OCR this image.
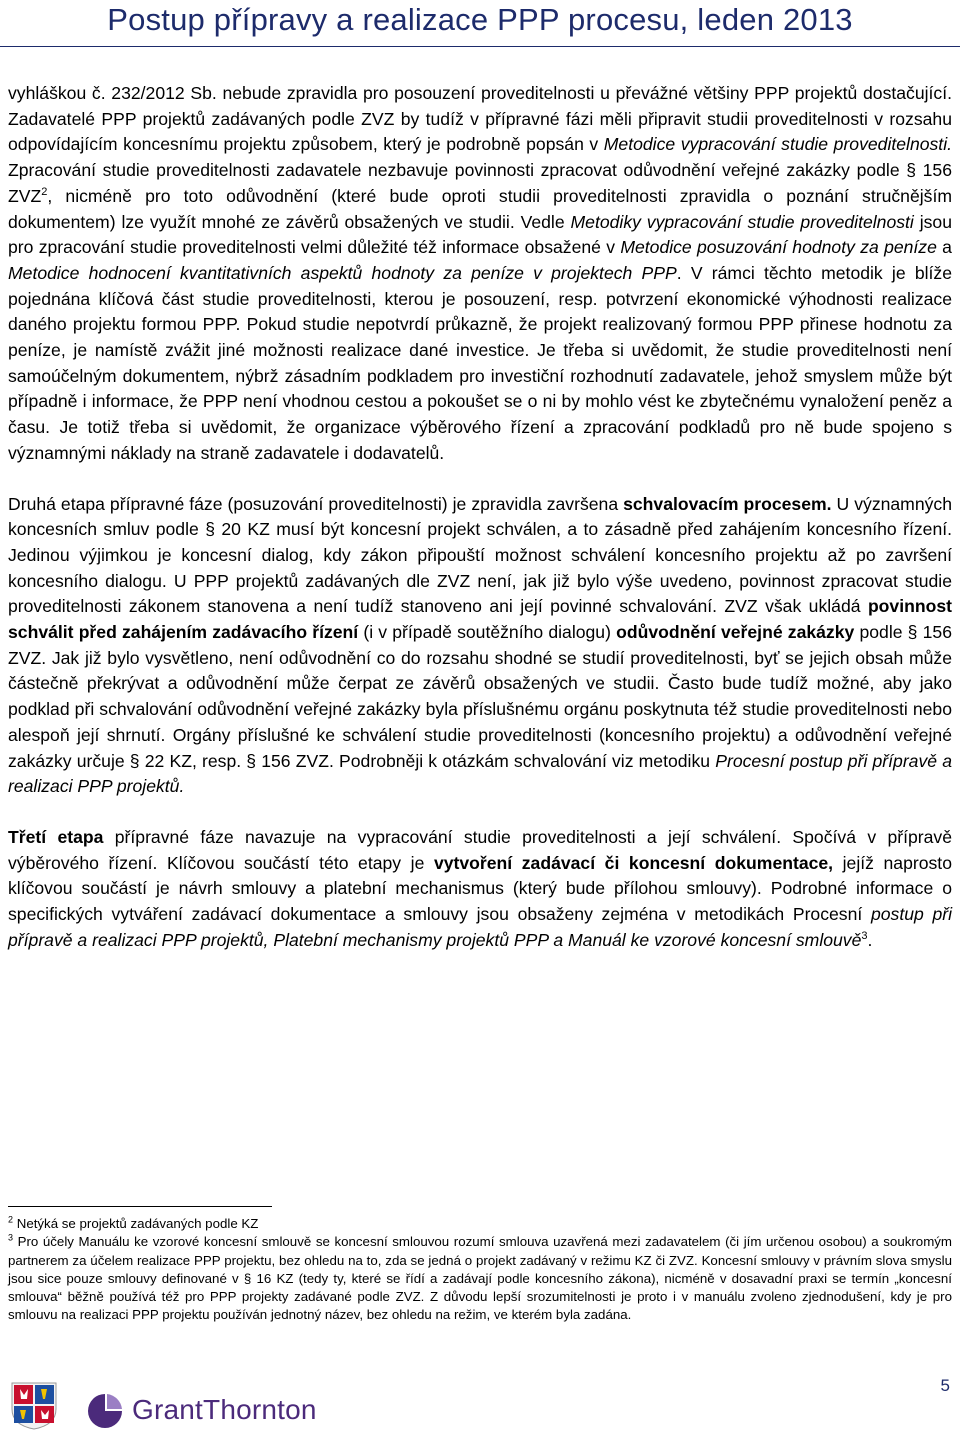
Postup přípravy a realizace PPP procesu, leden 2013

vyhláškou č. 232/2012 Sb. nebude zpravidla pro posouzení proveditelnosti u převážné většiny PPP projektů dostačující. Zadavatelé PPP projektů zadávaných podle ZVZ by tudíž v přípravné fázi měli připravit studii proveditelnosti v rozsahu odpovídajícím koncesnímu projektu způsobem, který je podrobně popsán v Metodice vypracování studie proveditelnosti. Zpracování studie proveditelnosti zadavatele nezbavuje povinnosti zpracovat odůvodnění veřejné zakázky podle § 156 ZVZ$^2$, nicméně pro toto odůvodnění (které bude oproti studii proveditelnosti zpravidla o poznání stručnějším dokumentem) lze využít mnohé ze závěrů obsažených ve studii. Vedle Metodiky vypracování studie proveditelnosti jsou pro zpracování studie proveditelnosti velmi důležité též informace obsažené v Metodice posuzování hodnoty za peníze a Metodice hodnocení kvantitativních aspektů hodnoty za peníze v projektech PPP. V rámci těchto metodik je blíže pojednána klíčová část studie proveditelnosti, kterou je posouzení, resp. potvrzení ekonomické výhodnosti realizace daného projektu formou PPP. Pokud studie nepotvrdí průkazně, že projekt realizovaný formou PPP přinese hodnotu za peníze, je namístě zvážit jiné možnosti realizace dané investice. Je třeba si uvědomit, že studie proveditelnosti není samoúčelným dokumentem, nýbrž zásadním podkladem pro investiční rozhodnutí zadavatele, jehož smyslem může být případně i informace, že PPP není vhodnou cestou a pokoušet se o ni by mohlo vést ke zbytečnému vynaložení peněz a času. Je totiž třeba si uvědomit, že organizace výběrového řízení a zpracování podkladů pro ně bude spojeno s významnými náklady na straně zadavatele i dodavatelů.

Druhá etapa přípravné fáze (posuzování proveditelnosti) je zpravidla završena schvalovacím procesem. U významných koncesních smluv podle § 20 KZ musí být koncesní projekt schválen, a to zásadně před zahájením koncesního řízení. Jedinou výjimkou je koncesní dialog, kdy zákon připouští možnost schválení koncesního projektu až po završení koncesního dialogu. U PPP projektů zadávaných dle ZVZ není, jak již bylo výše uvedeno, povinnost zpracovat studie proveditelnosti zákonem stanovena a není tudíž stanoveno ani její povinné schvalování. ZVZ však ukládá povinnost schválit před zahájením zadávacího řízení (i v případě soutěžního dialogu) odůvodnění veřejné zakázky podle § 156 ZVZ. Jak již bylo vysvětleno, není odůvodnění co do rozsahu shodné se studií proveditelnosti, byť se jejich obsah může částečně překrývat a odůvodnění může čerpat ze závěrů obsažených ve studii. Často bude tudíž možné, aby jako podklad při schvalování odůvodnění veřejné zakázky byla příslušnému orgánu poskytnuta též studie proveditelnosti nebo alespoň její shrnutí. Orgány příslušné ke schválení studie proveditelnosti (koncesního projektu) a odůvodnění veřejné zakázky určuje § 22 KZ, resp. § 156 ZVZ. Podrobněji k otázkám schvalování viz metodiku Procesní postup při přípravě a realizaci PPP projektů.

Třetí etapa přípravné fáze navazuje na vypracování studie proveditelnosti a její schválení. Spočívá v přípravě výběrového řízení. Klíčovou součástí této etapy je vytvoření zadávací či koncesní dokumentace, jejíž naprosto klíčovou součástí je návrh smlouvy a platební mechanismus (který bude přílohou smlouvy). Podrobné informace o specifických vytváření zadávací dokumentace a smlouvy jsou obsaženy zejména v metodikách Procesní postup při přípravě a realizaci PPP projektů, Platební mechanismy projektů PPP a Manuál ke vzorové koncesní smlouvě$^3$.

$^2$ Netýká se projektů zadávaných podle KZ

$^3$ Pro účely Manuálu ke vzorové koncesní smlouvě se koncesní smlouvou rozumí smlouva uzavřená mezi zadavatelem (či jím určenou osobou) a soukromým partnerem za účelem realizace PPP projektu, bez ohledu na to, zda se jedná o projekt zadávaný v režimu KZ či ZVZ. Koncesní smlouvy v právním slova smyslu jsou sice pouze smlouvy definované v § 16 KZ (tedy ty, které se řídí a zadávají podle koncesního zákona), nicméně v dosavadní praxi se termín „koncesní smlouva“ běžně používá též pro PPP projekty zadávané podle ZVZ. Z důvodu lepší srozumitelnosti je proto i v manuálu zvoleno zjednodušení, kdy je pro smlouvu na realizaci PPP projektu používán jednotný název, bez ohledu na režim, ve kterém byla zadána.

GrantThornton
5
